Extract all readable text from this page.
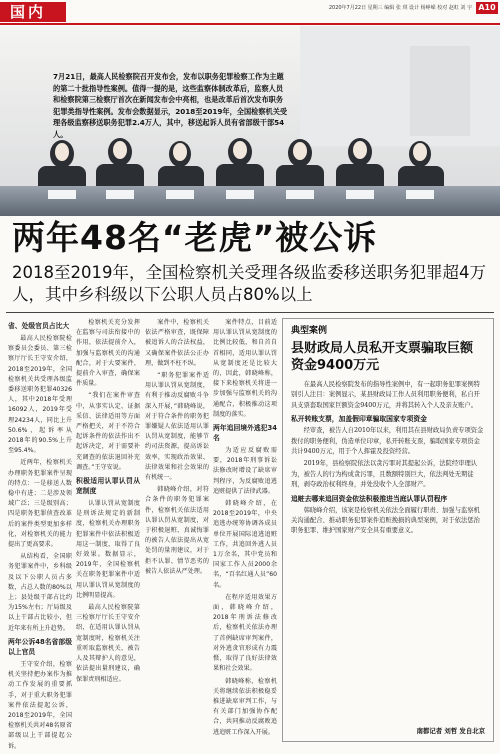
国内	2020年7月22日 星期三 编辑 张 琪 设计 杨峥嵘 校对 赵虹 刘 宇 A10

7月21日，最高人民检察院召开发布会，发布以职务犯罪检察工作为主题的第二十批指导性案例。值得一提的是，这些监察体制改革后，监察人员和检察院第三检察厅首次在新闻发布会中亮相，也是改革后首次发布职务犯罪类指导性案例。发布会数据显示，2018至2019年，全国检察机关受理各级监察移送职务犯罪2.4万人，其中，移送起诉人员有省部级干部54人。

两年48名“老虎”被公诉

2018至2019年，全国检察机关受理各级监委移送职务犯罪超4万人，其中乡科级以下公职人员占80%以上

省、处级官员占比大

最高人民检察院检察委员会委员、第三检察厅厅长王守安介绍，2018至2019年，全国检察机关共受理各级监委移送职务犯罪40326人，其中2018年受理16092人，2019年受理24234人，同比上升50.6%，起诉率从2018年的90.5%上升至95.4%。

近两年，检察机关办理职务犯罪案件呈现的特点：一是移送人数稳中有进；二是涉及领域广泛；三是级别高；四是职务犯罪侦查改革后的案件类型更加多样化，对检察机关的能力提出了更高要求。

从结构看，全国职务犯罪案件中，乡科级及以下公职人员占多数，占总人数的80%以上；县处级干部占比约为15%左右；厅局级及以上干部占比较小，但近年来有所上升趋势。

两年公诉48名省部级以上官员

王守安介绍，检察机关坚持把办案作为推动工作发展的重要抓手，对于重大职务犯罪案件依法提起公诉，2018至2019年，全国检察机关共对48名原省部级以上干部提起公诉。

检察机关充分发挥在监察与司法衔接中的作用，依法提前介入，加强与监察机关的沟通配合，对于大要案件，提前介入审查，确保案件质量。

“我们在案件审查中，从事实认定、证据采信、法律适用等方面严格把关，对于不符合起诉条件的依法作出不起诉决定，对于需要补充调查的依法退回补充调查。”王守安说。

积极适用认罪认罚从宽制度

认罪认罚从宽制度是刑诉法规定的新制度，检察机关办理职务犯罪案件中依法积极适用这一制度，取得了良好效果。数据显示，2019年，全国检察机关在职务犯罪案件中适用认罪认罚从宽制度的比例明显提高。

最高人民检察院第三检察厅厅长王守安介绍，在适用认罪认罚从宽制度时，检察机关注重听取监察机关、被告人及其辩护人的意见，依法提出量刑建议，确保罪责刑相适应。

案件中，检察机关依法严格审查，既保障被追诉人的合法权益，又确保案件依法公正办理，做到不枉不纵。

“职务犯罪案件适用认罪认罚从宽制度，有利于推动反腐败斗争深入开展，”韩晓峰说，对于符合条件的职务犯罪嫌疑人依法适用认罪认罚从宽制度，能够节约司法资源，提高诉讼效率，实现政治效果、法律效果和社会效果的有机统一。

韩晓峰介绍，对符合条件的职务犯罪案件，检察机关依法适用认罪认罚从宽制度，对于积极退赃、真诚悔罪的被告人依法提出从宽处罚的量刑建议，对于拒不认罪、情节恶劣的被告人依法从严处理。

案件特点，目前适用认罪认罚从宽制度的比例比较低，和自首自首相同，适用认罪认罚从宽制度还是比较大的，因此，韩晓峰称，接下来检察机关将进一步加强与监察机关的沟通配合，积极推动这项制度的落实。

两年追回境外逃犯34名

为适应反腐败需要，2018年刑事诉讼法修改时增设了缺席审判程序，为反腐败追逃追赃提供了法律武器。

韩晓峰介绍，在2018至2019年，中央追逃办统筹协调各成员单位开展国际追逃追赃工作，共追回外逃人员1万余名，其中党员和国家工作人员2000余名，“百名红通人员”60名。

在程序适用效果方面，韩晓峰介绍，2018年刑诉法修改后，检察机关依法办理了首例缺席审判案件，对外逃贪官形成有力震慑，取得了良好法律效果和社会效果。

韩晓峰称，检察机关将继续依法积极稳妥推进缺席审判工作，与有关部门加强协作配合，共同推动反腐败追逃追赃工作深入开展。

典型案例
县财政局人员私开支票骗取巨额资金9400万元

在最高人民检察院发布的指导性案例中，有一起职务犯罪案例特别引人注目：案例显示，某县财政局工作人员利用职务便利，私自开具支票套取国家巨额资金9400万元，并将其转入个人及亲友账户。

私开转账支票，加盖假印章骗取国家专项资金

经审查，被告人自2010年以来，利用其在县财政局负责专项资金拨付的职务便利，伪造单位印章，私开转账支票，骗取国家专项资金共计9400万元，用于个人挥霍及投资经营。

2019年，县检察院依法以贪污罪对其提起公诉，法院经审理认为，被告人的行为构成贪污罪，且数额特别巨大，依法判处无期徒刑，剥夺政治权利终身，并处没收个人全部财产。

追赃去哪来追回资金依法积极推进当庭认罪认罚程序

韩晓峰介绍，该案是检察机关依法全面履行职责、加强与监察机关沟通配合、推动职务犯罪案件追赃挽损的典型案例，对于依法惩治职务犯罪、维护国家财产安全具有重要意义。

南都记者 刘哲 发自北京
